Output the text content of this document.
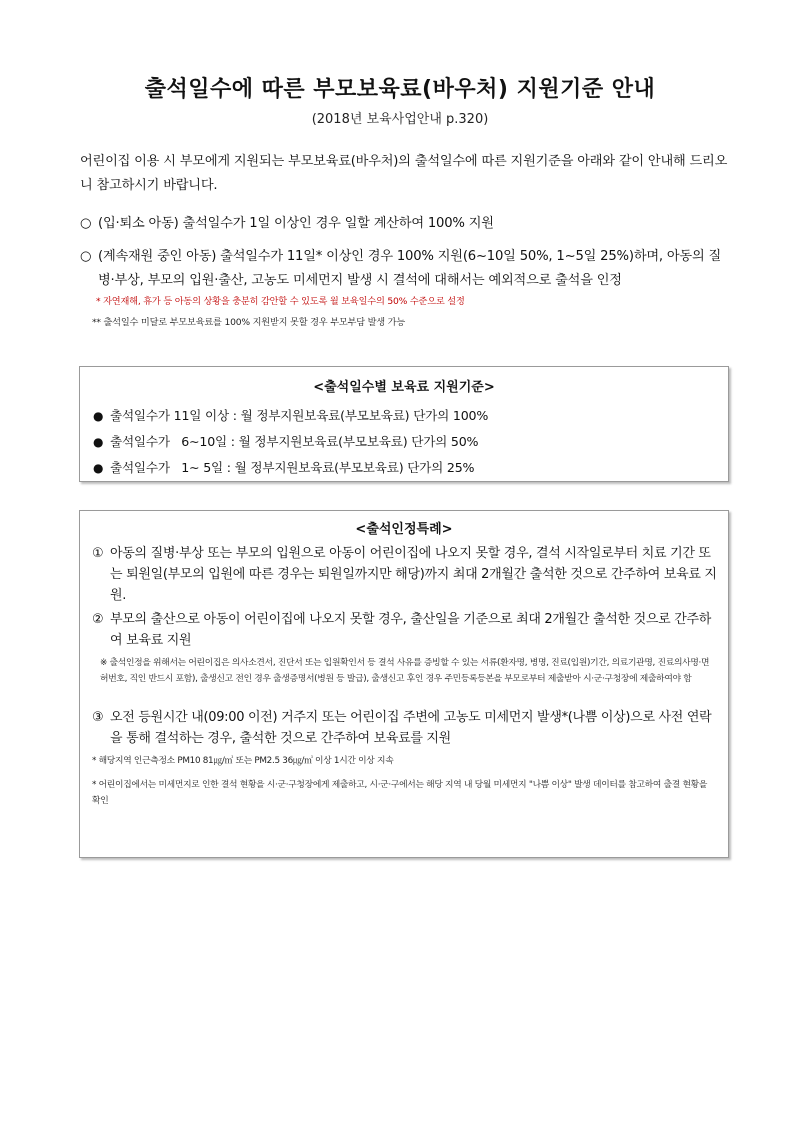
출석일수에 따른 부모보육료(바우처) 지원기준 안내
(2018년 보육사업안내 p.320)
어린이집 이용 시 부모에게 지원되는 부모보육료(바우처)의 출석일수에 따른 지원기준을 아래와 같이 안내해 드리오니 참고하시기 바랍니다.
○ (입·퇴소 아동) 출석일수가 1일 이상인 경우 일할 계산하여 100% 지원
○ (계속재원 중인 아동) 출석일수가 11일* 이상인 경우 100% 지원(6~10일 50%, 1~5일 25%)하며, 아동의 질병·부상, 부모의 입원·출산, 고농도 미세먼지 발생 시 결석에 대해서는 예외적으로 출석을 인정
* 자연재해, 휴가 등 아동의 상황을 충분히 감안할 수 있도록 월 보육일수의 50% 수준으로 설정
** 출석일수 미달로 부모보육료를 100% 지원받지 못할 경우 부모부담 발생 가능
<출석일수별 보육료 지원기준>
● 출석일수가 11일 이상 : 월 정부지원보육료(부모보육료) 단가의 100%
● 출석일수가   6∼10일 : 월 정부지원보육료(부모보육료) 단가의 50%
● 출석일수가   1∼ 5일 : 월 정부지원보육료(부모보육료) 단가의 25%
<출석인정특례>
① 아동의 질병·부상 또는 부모의 입원으로 아동이 어린이집에 나오지 못할 경우, 결석 시작일로부터 치료 기간 또는 퇴원일(부모의 입원에 따른 경우는 퇴원일까지만 해당)까지 최대 2개월간 출석한 것으로 간주하여 보육료 지원.
② 부모의 출산으로 아동이 어린이집에 나오지 못할 경우, 출산일을 기준으로 최대 2개월간 출석한 것으로 간주하여 보육료 지원
※ 출석인정을 위해서는 어린이집은 의사소견서, 진단서 또는 입원확인서 등 결석 사유를 증빙할 수 있는 서류(환자명, 병명, 진료(입원)기간, 의료기관명, 진료의사명·면허번호, 직인 반드시 포함), 출생신고 전인 경우 출생증명서(병원 등 발급), 출생신고 후인 경우 주민등록등본을 부모로부터 제출받아 시·군·구청장에 제출하여야 함
③ 오전 등원시간 내(09:00 이전) 거주지 또는 어린이집 주변에 고농도 미세먼지 발생*(나쁨 이상)으로 사전 연락을 통해 결석하는 경우, 출석한 것으로 간주하여 보육료를 지원
* 해당지역 인근측정소 PM10 81㎍/㎥ 또는 PM2.5 36㎍/㎥ 이상 1시간 이상 지속
* 어린이집에서는 미세먼지로 인한 결석 현황을 시·군·구청장에게 제출하고, 시·군·구에서는 해당 지역 내 당월 미세먼지 "나쁨 이상" 발생 데이터를 참고하여 출결 현황을 확인
